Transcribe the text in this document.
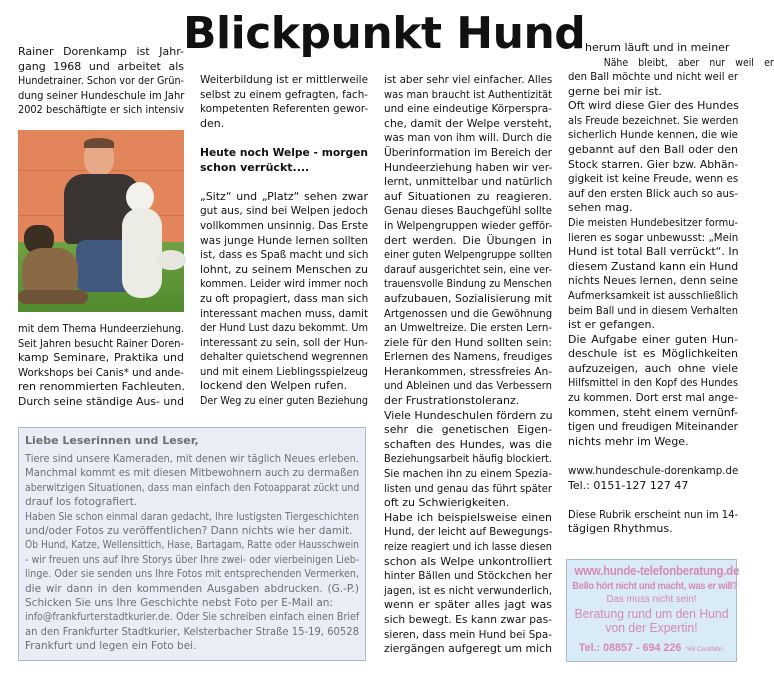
Blickpunkt Hund
Rainer Dorenkamp ist Jahr-
gang 1968 und arbeitet als
Hundetrainer. Schon vor der Grün-
dung seiner Hundeschule im Jahr
2002 beschäftigte er sich intensiv
mit dem Thema Hundeerziehung.
Seit Jahren besucht Rainer Doren-
kamp Seminare, Praktika und
Workshops bei Canis* und ande-
ren renommierten Fachleuten.
Durch seine ständige Aus- und
Weiterbildung ist er mittlerweile
selbst zu einem gefragten, fach-
kompetenten Referenten gewor-
den.
Heute noch Welpe - morgen
schon verrückt....
„Sitz“ und „Platz“ sehen zwar
gut aus, sind bei Welpen jedoch
vollkommen unsinnig. Das Erste
was junge Hunde lernen sollten
ist, dass es Spaß macht und sich
lohnt, zu seinem Menschen zu
kommen. Leider wird immer noch
zu oft propagiert, dass man sich
interessant machen muss, damit
der Hund Lust dazu bekommt. Um
interessant zu sein, soll der Hun-
dehalter quietschend wegrennen
und mit einem Lieblingsspielzeug
lockend den Welpen rufen.
Der Weg zu einer guten Beziehung
ist aber sehr viel einfacher. Alles
was man braucht ist Authentizität
und eine eindeutige Körperspra-
che, damit der Welpe versteht,
was man von ihm will. Durch die
Überinformation im Bereich der
Hundeerziehung haben wir ver-
lernt, unmittelbar und natürlich
auf Situationen zu reagieren.
Genau dieses Bauchgefühl sollte
in Welpengruppen wieder gefför-
dert werden. Die Übungen in
einer guten Welpengruppe sollten
darauf ausgerichtet sein, eine ver-
trauensvolle Bindung zu Menschen
aufzubauen, Sozialisierung mit
Artgenossen und die Gewöhnung
an Umweltreize. Die ersten Lern-
ziele für den Hund sollten sein:
Erlernen des Namens, freudiges
Herankommen, stressfreies An-
und Ableinen und das Verbessern
der Frustrationstoleranz.
Viele Hundeschulen fördern zu
sehr die genetischen Eigen-
schaften des Hundes, was die
Beziehungsarbeit häufig blockiert.
Sie machen ihn zu einem Spezia-
listen und genau das führt später
oft zu Schwierigkeiten.
Habe ich beispielsweise einen
Hund, der leicht auf Bewegungs-
reize reagiert und ich lasse diesen
schon als Welpe unkontrolliert
hinter Bällen und Stöckchen her
jagen, ist es nicht verwunderlich,
wenn er später alles jagt was
sich bewegt. Es kann zwar pas-
sieren, dass mein Hund bei Spa-
ziergängen aufgeregt um mich
herum läuft und in meiner
Nähe bleibt, aber nur weil er
den Ball möchte und nicht weil er
gerne bei mir ist.
Oft wird diese Gier des Hundes
als Freude bezeichnet. Sie werden
sicherlich Hunde kennen, die wie
gebannt auf den Ball oder den
Stock starren. Gier bzw. Abhän-
gigkeit ist keine Freude, wenn es
auf den ersten Blick auch so aus-
sehen mag.
Die meisten Hundebesitzer formu-
lieren es sogar unbewusst: „Mein
Hund ist total Ball verrückt“. In
diesem Zustand kann ein Hund
nichts Neues lernen, denn seine
Aufmerksamkeit ist ausschließlich
beim Ball und in diesem Verhalten
ist er gefangen.
Die Aufgabe einer guten Hun-
deschule ist es Möglichkeiten
aufzuzeigen, auch ohne viele
Hilfsmittel in den Kopf des Hundes
zu kommen. Dort erst mal ange-
kommen, steht einem vernünf-
tigen und freudigen Miteinander
nichts mehr im Wege.
www.hundeschule-dorenkamp.de
Tel.: 0151-127 127 47
Diese Rubrik erscheint nun im 14-
tägigen Rhythmus.
Liebe Leserinnen und Leser,
Tiere sind unsere Kameraden, mit denen wir täglich Neues erleben.
Manchmal kommt es mit diesen Mitbewohnern auch zu dermaßen
aberwitzigen Situationen, dass man einfach den Fotoapparat zückt und
drauf los fotografiert.
Haben Sie schon einmal daran gedacht, Ihre lustigsten Tiergeschichten
und/oder Fotos zu veröffentlichen? Dann nichts wie her damit.
Ob Hund, Katze, Wellensittich, Hase, Bartagam, Ratte oder Hausschwein
- wir freuen uns auf Ihre Storys über Ihre zwei- oder vierbeinigen Lieb-
linge. Oder sie senden uns Ihre Fotos mit entsprechenden Vermerken,
die wir dann in den kommenden Ausgaben abdrucken. (G.-P.)
Schicken Sie uns Ihre Geschichte nebst Foto per E-Mail an:
info@frankfurterstadtkurier.de. Oder Sie schreiben einfach einen Brief
an den Frankfurter Stadtkurier, Kelsterbacher Straße 15-19, 60528
Frankfurt und legen ein Foto bei.
www.hunde-telefonberatung.de
Bello hört nicht und macht, was er will?
Das muss nicht sein!
Beratung rund um den Hund
von der Expertin!
Tel.: 08857 - 694 226 *69 Cent/Min.
